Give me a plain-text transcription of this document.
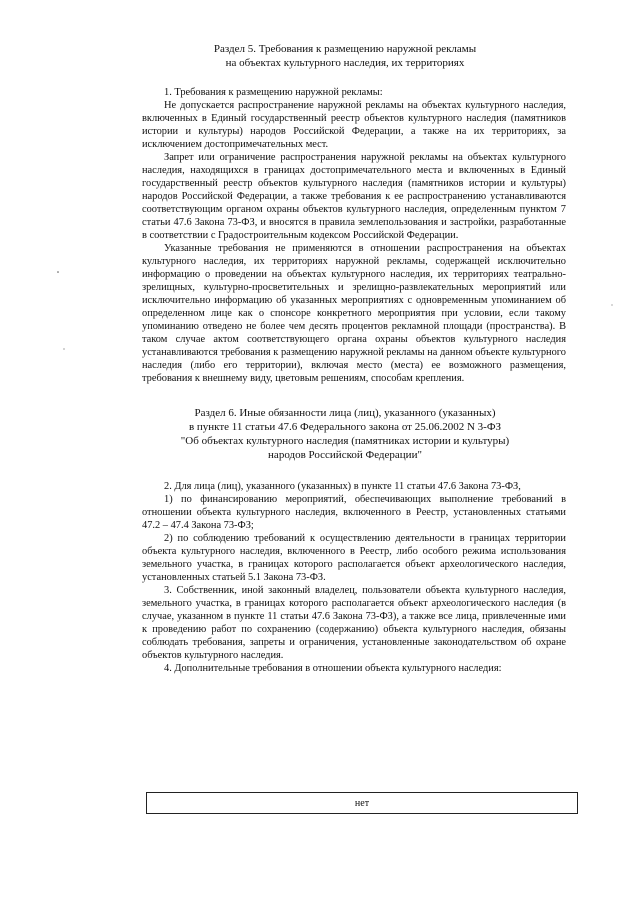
Раздел 5. Требования к размещению наружной рекламы
на объектах культурного наследия, их территориях

1. Требования к размещению наружной рекламы:

Не допускается распространение наружной рекламы на объектах культурного наследия, включенных в Единый государственный реестр объектов культурного наследия (памятников истории и культуры) народов Российской Федерации, а также на их территориях, за исключением достопримечательных мест.

Запрет или ограничение распространения наружной рекламы на объектах культурного наследия, находящихся в границах достопримечательного места и включенных в Единый государственный реестр объектов культурного наследия (памятников истории и культуры) народов Российской Федерации, а также требования к ее распространению устанавливаются соответствующим органом охраны объектов культурного наследия, определенным пунктом 7 статьи 47.6 Закона 73-ФЗ, и вносятся в правила землепользования и застройки, разработанные в соответствии с Градостроительным кодексом Российской Федерации.

Указанные требования не применяются в отношении распространения на объектах культурного наследия, их территориях наружной рекламы, содержащей исключительно информацию о проведении на объектах культурного наследия, их территориях театрально-зрелищных, культурно-просветительных и зрелищно-развлекательных мероприятий или исключительно информацию об указанных мероприятиях с одновременным упоминанием об определенном лице как о спонсоре конкретного мероприятия при условии, если такому упоминанию отведено не более чем десять процентов рекламной площади (пространства). В таком случае актом соответствующего органа охраны объектов культурного наследия устанавливаются требования к размещению наружной рекламы на данном объекте культурного наследия (либо его территории), включая место (места) ее возможного размещения, требования к внешнему виду, цветовым решениям, способам крепления.

Раздел 6. Иные обязанности лица (лиц), указанного (указанных)
в пункте 11 статьи 47.6 Федерального закона от 25.06.2002 N 3-ФЗ
"Об объектах культурного наследия (памятниках истории и культуры)
народов Российской Федерации"

2. Для лица (лиц), указанного (указанных) в пункте 11 статьи 47.6 Закона 73-ФЗ,

1) по финансированию мероприятий, обеспечивающих выполнение требований в отношении объекта культурного наследия, включенного в Реестр, установленных статьями 47.2 – 47.4 Закона 73-ФЗ;

2) по соблюдению требований к осуществлению деятельности в границах территории объекта культурного наследия, включенного в Реестр, либо особого режима использования земельного участка, в границах которого располагается объект археологического наследия, установленных статьей 5.1 Закона 73-ФЗ.

3. Собственник, иной законный владелец, пользователи объекта культурного наследия, земельного участка, в границах которого располагается объект археологического наследия (в случае, указанном в пункте 11 статьи 47.6 Закона 73-ФЗ), а также все лица, привлеченные ими к проведению работ по сохранению (содержанию) объекта культурного наследия, обязаны соблюдать требования, запреты и ограничения, установленные законодательством об охране объектов культурного наследия.

4. Дополнительные требования в отношении объекта культурного наследия:

нет
